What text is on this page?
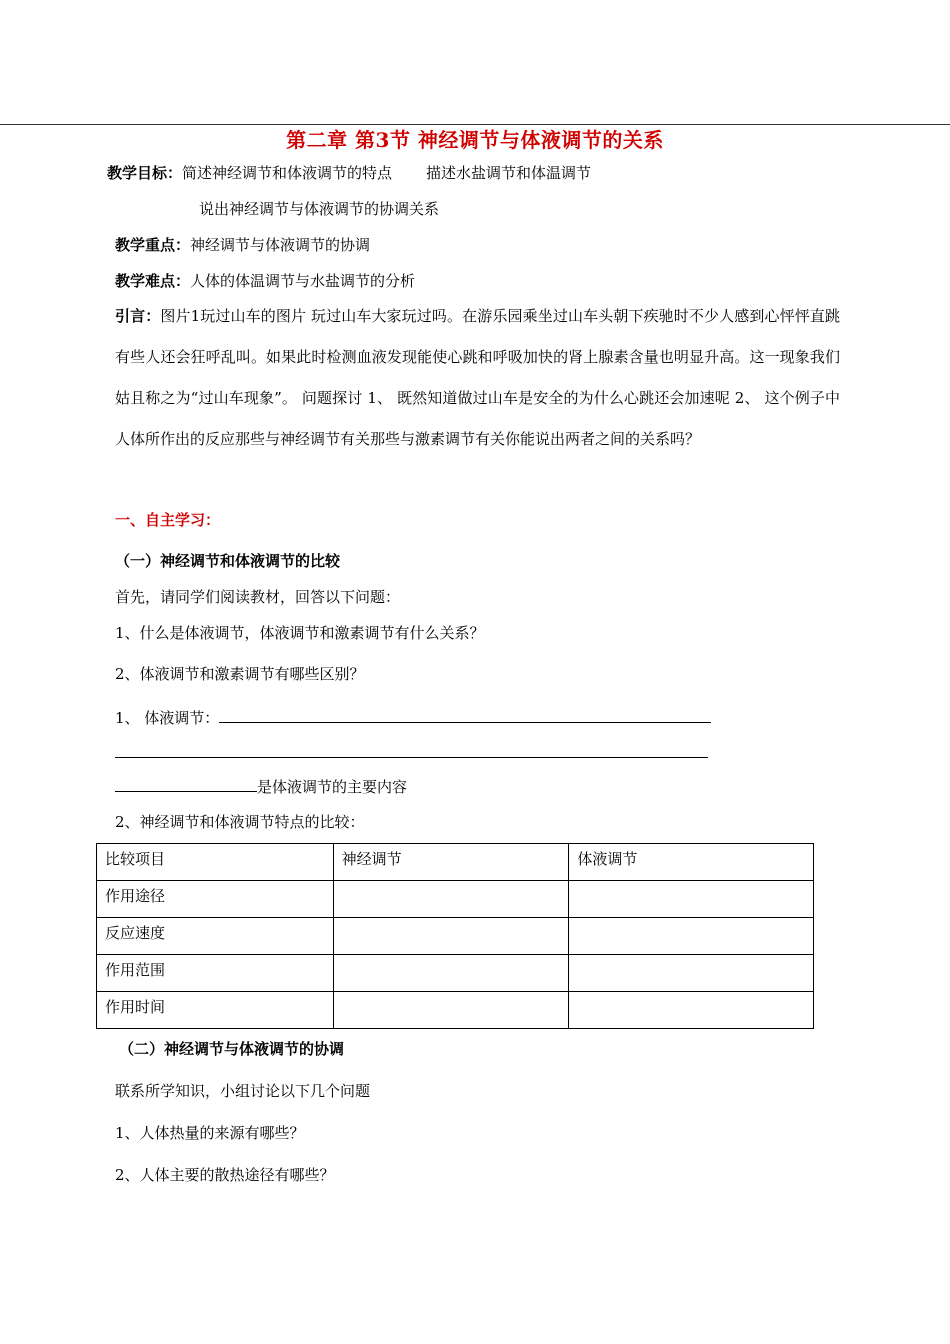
第二章 第3节 神经调节与体液调节的关系
教学目标：简述神经调节和体液调节的特点 描述水盐调节和体温调节
说出神经调节与体液调节的协调关系
教学重点：神经调节与体液调节的协调
教学难点：人体的体温调节与水盐调节的分析
引言：图片1玩过山车的图片 玩过山车大家玩过吗。在游乐园乘坐过山车头朝下疾驰时不少人感到心怦怦直跳有些人还会狂呼乱叫。如果此时检测血液发现能使心跳和呼吸加快的肾上腺素含量也明显升高。这一现象我们姑且称之为“过山车现象”。 问题探讨 1、 既然知道做过山车是安全的为什么心跳还会加速呢 2、 这个例子中人体所作出的反应那些与神经调节有关那些与激素调节有关你能说出两者之间的关系吗？
一、自主学习：
（一）神经调节和体液调节的比较
首先，请同学们阅读教材，回答以下问题：
1、什么是体液调节，体液调节和激素调节有什么关系？
2、体液调节和激素调节有哪些区别？
1、 体液调节：
是体液调节的主要内容
2、神经调节和体液调节特点的比较：
比较项目	神经调节	体液调节
作用途径		
反应速度		
作用范围		
作用时间		
（二）神经调节与体液调节的协调
联系所学知识，小组讨论以下几个问题
1、人体热量的来源有哪些？
2、人体主要的散热途径有哪些？
